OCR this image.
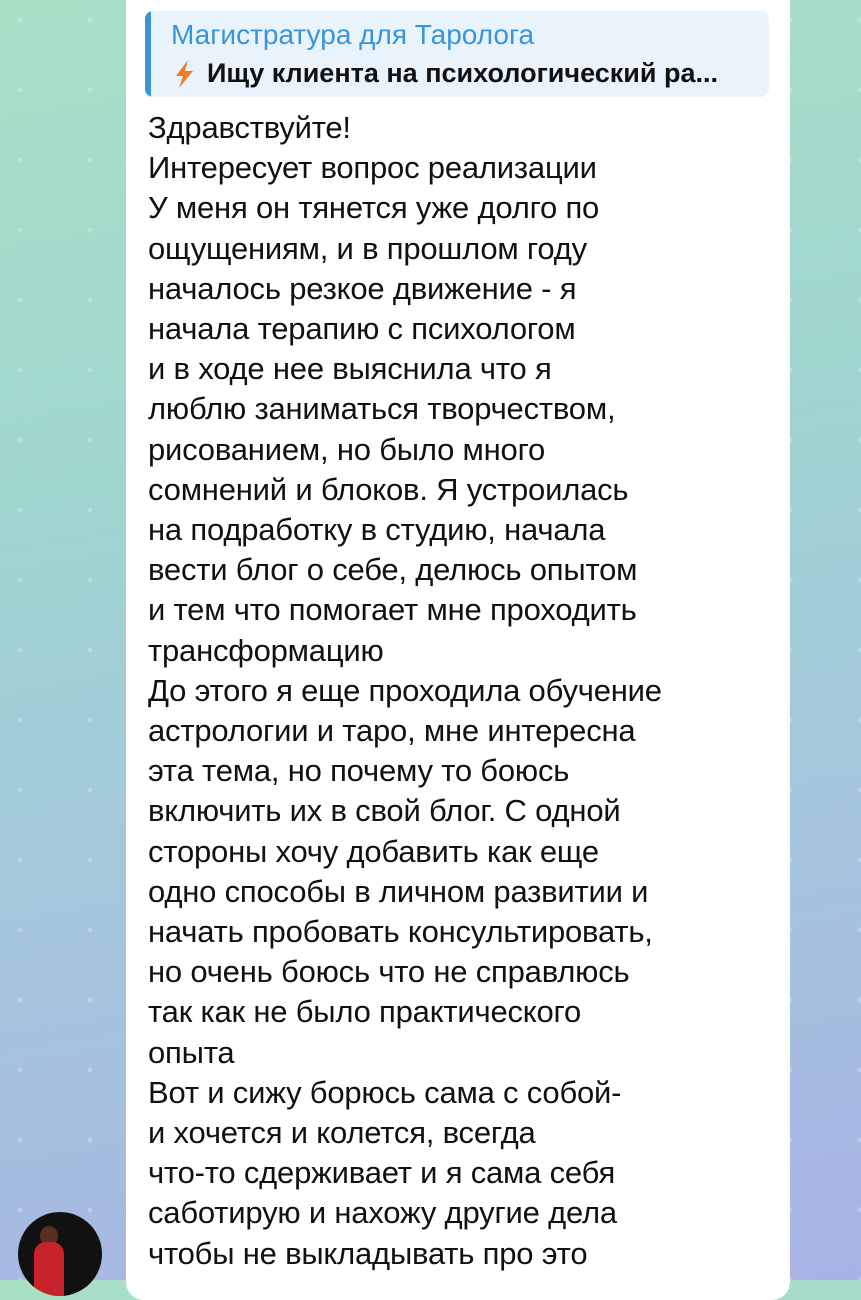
Магистратура для Таролога
Ищу клиента на психологический ра...
Здравствуйте!
Интересует вопрос реализации
У меня он тянется уже долго по
ощущениям, и в прошлом году
началось резкое движение - я
начала терапию с психологом
и в ходе нее выяснила что я
люблю заниматься творчеством,
рисованием, но было много
сомнений и блоков. Я устроилась
на подработку в студию, начала
вести блог о себе, делюсь опытом
и тем что помогает мне проходить
трансформацию
До этого я еще проходила обучение
астрологии и таро, мне интересна
эта тема, но почему то боюсь
включить их в свой блог. С одной
стороны хочу добавить как еще
одно способы в личном развитии и
начать пробовать консультировать,
но очень боюсь что не справлюсь
так как не было практического
опыта
Вот и сижу борюсь сама с собой-
и хочется и колется, всегда
что-то сдерживает и я сама себя
саботирую и нахожу другие дела
чтобы не выкладывать про это
